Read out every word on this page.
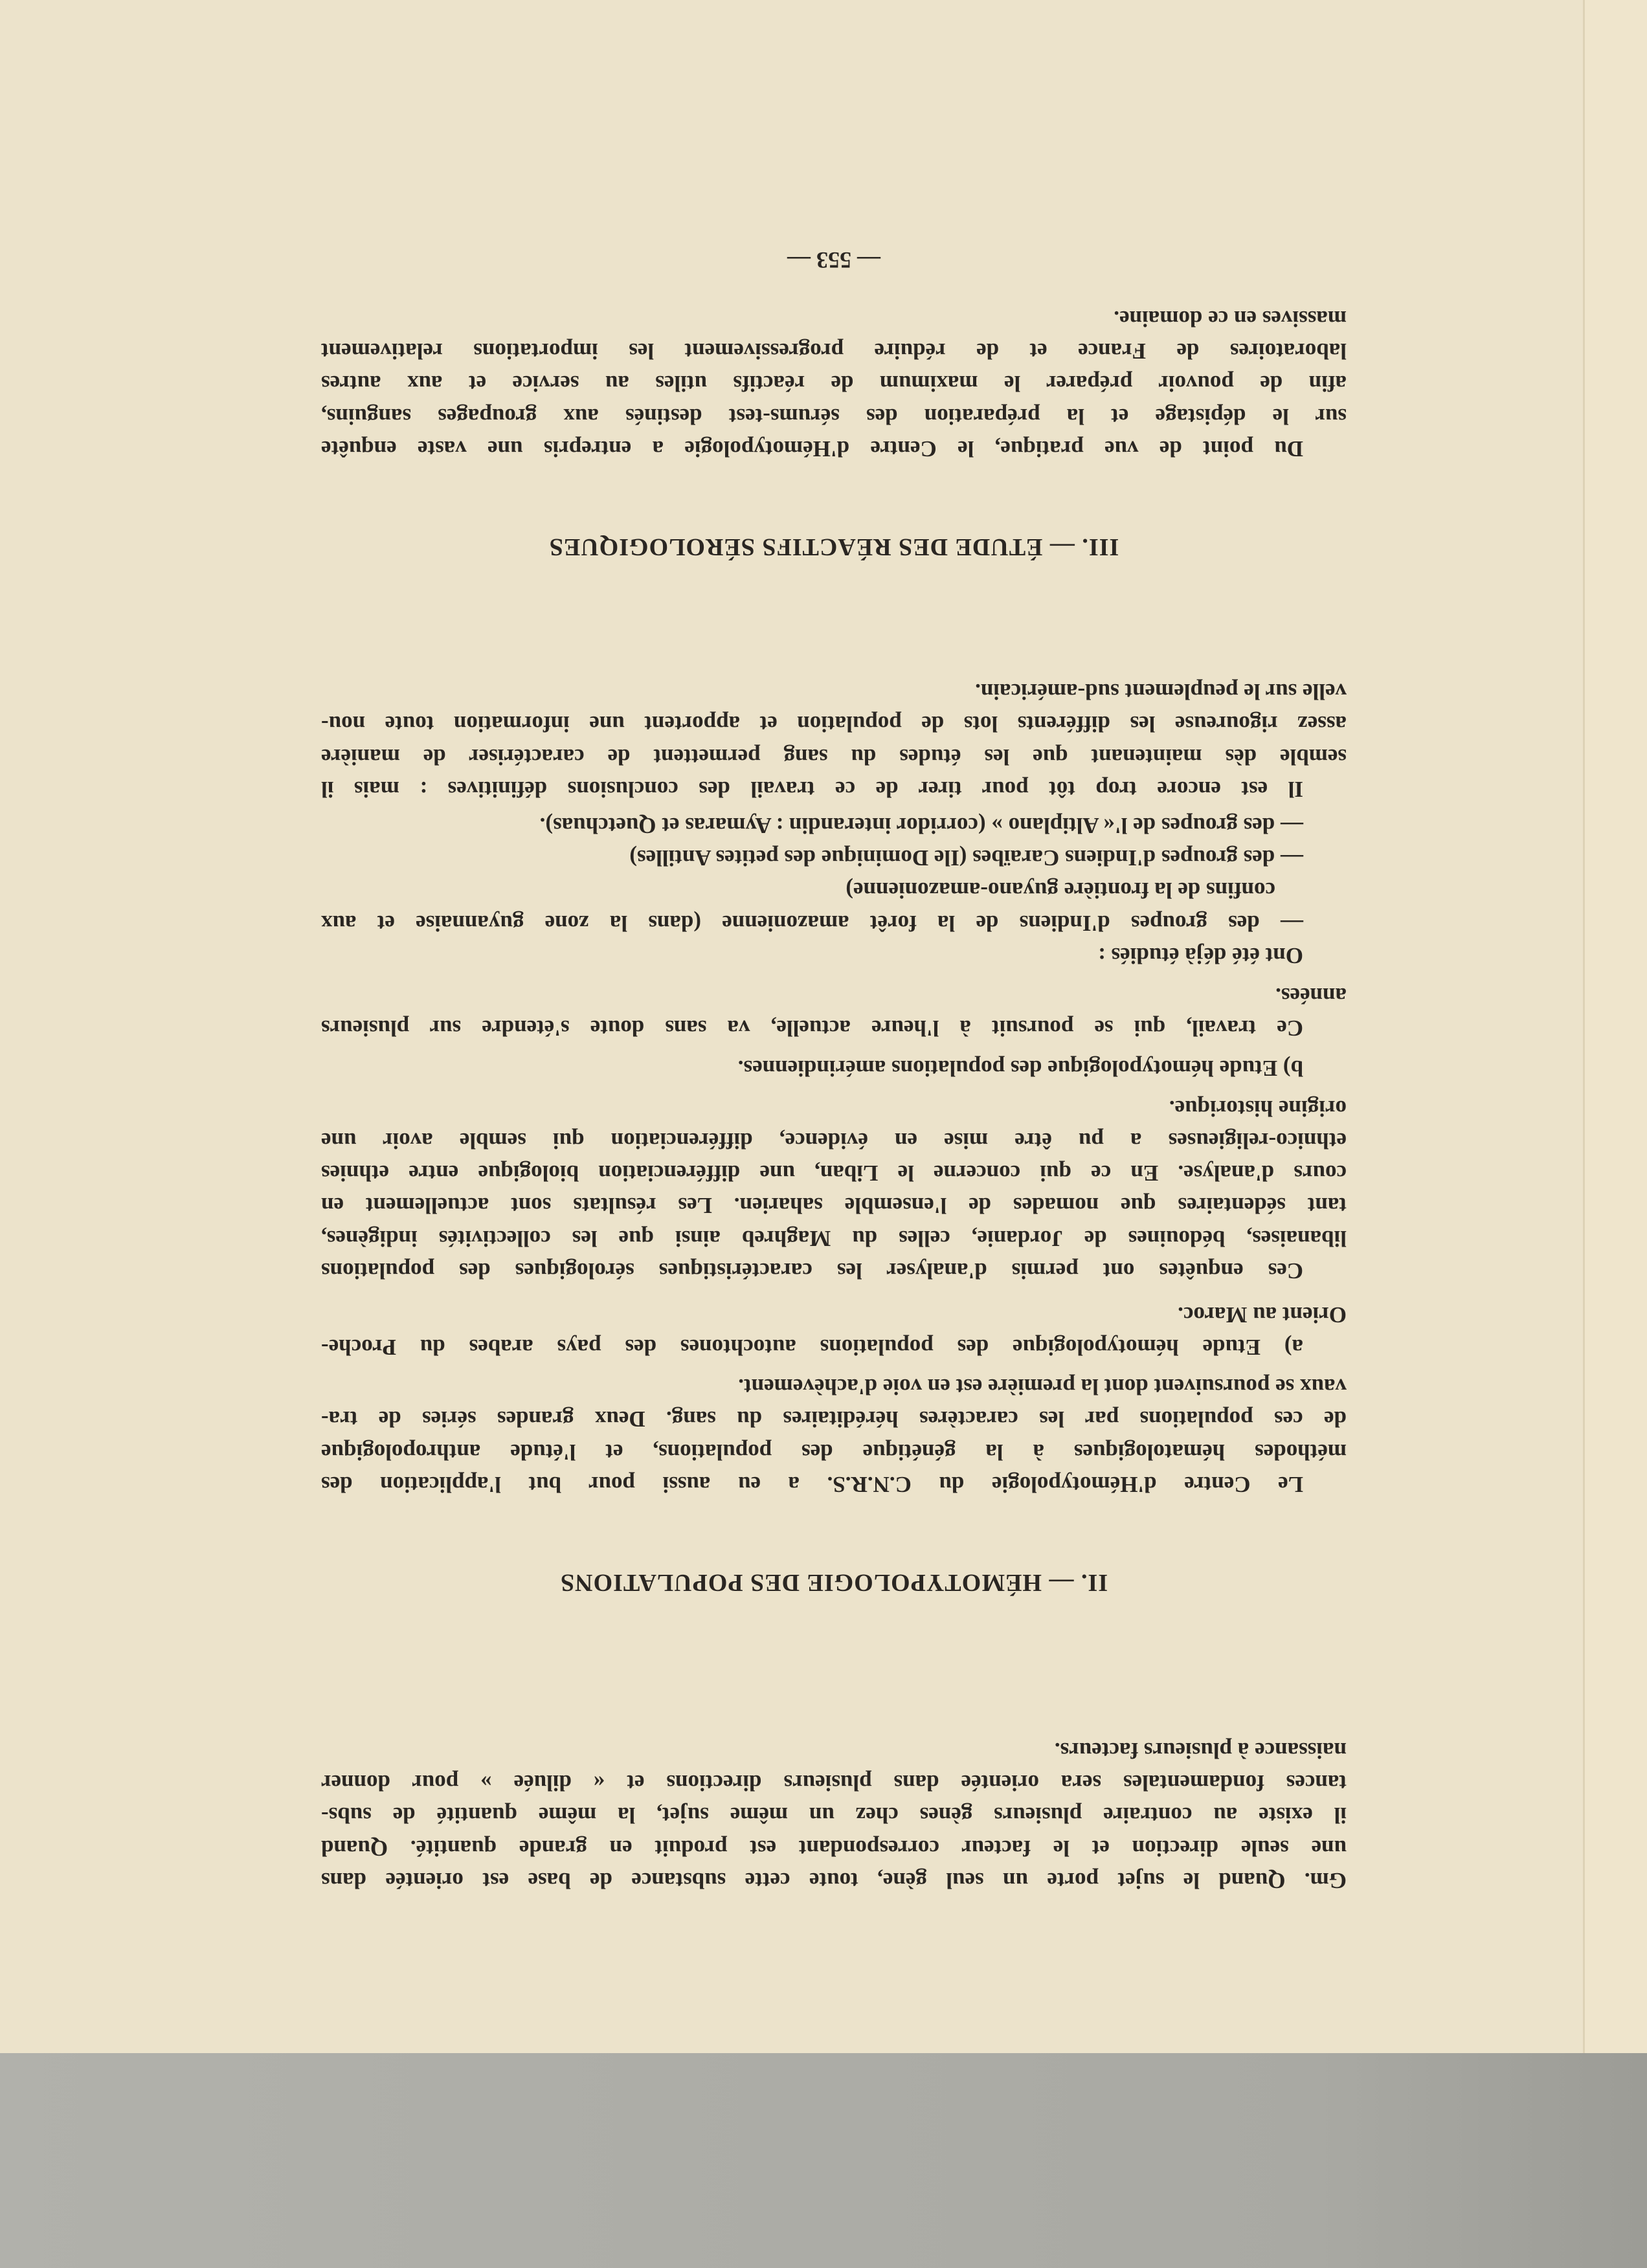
II. — HÉMOTYPOLOGIE DES POPULATIONS
III. — ÉTUDE DES RÉACTIFS SÉROLOGIQUES
— 553 —
Gm. Quand le sujet porte un seul gène, toute cette substance de base est orientée dans
une seule direction et le facteur correspondant est produit en grande quantité. Quand
il existe au contraire plusieurs gènes chez un même sujet, la même quantité de subs-
tances fondamentales sera orientée dans plusieurs directions et « diluée » pour donner
naissance à plusieurs facteurs.
Le Centre d'Hémotypologie du C.N.R.S. a eu aussi pour but l'application des
méthodes hématologiques à la génétique des populations, et l'étude anthropologique
de ces populations par les caractères héréditaires du sang. Deux grandes séries de tra-
vaux se poursuivent dont la première est en voie d'achèvement.
a) Etude hémotypologique des populations autochtones des pays arabes du Proche-
Orient au Maroc.
Ces enquêtes ont permis d'analyser les caractéristiques sérologiques des populations
libanaises, bédouines de Jordanie, celles du Maghreb ainsi que les collectivités indigènes,
tant sédentaires que nomades de l'ensemble saharien. Les résultats sont actuellement en
cours d'analyse. En ce qui concerne le Liban, une différenciation biologique entre ethnies
ethnico-religieuses a pu être mise en évidence, différenciation qui semble avoir une
origine historique.
b) Etude hémotypologique des populations amérindiennes.
Ce travail, qui se poursuit à l'heure actuelle, va sans doute s'étendre sur plusieurs
années.
Ont été déjà étudiés :
— des groupes d'Indiens de la forêt amazonienne (dans la zone guyannaise et aux
confins de la frontière guyano-amazonienne)
— des groupes d'Indiens Caraïbes (Ile Dominique des petites Antilles)
— des groupes de l'« Altiplano » (corridor interandin : Aymaras et Quetchuas).
Il est encore trop tôt pour tirer de ce travail des conclusions définitives : mais il
semble dès maintenant que les études du sang permettent de caractériser de manière
assez rigoureuse les différents lots de population et apportent une information toute nou-
velle sur le peuplement sud-américain.
Du point de vue pratique, le Centre d'Hémotypologie a entrepris une vaste enquête
sur le dépistage et la préparation des sérums-test destinés aux groupages sanguins,
afin de pouvoir préparer le maximum de réactifs utiles au service et aux autres
laboratoires de France et de réduire progressivement les importations relativement
massives en ce domaine.
